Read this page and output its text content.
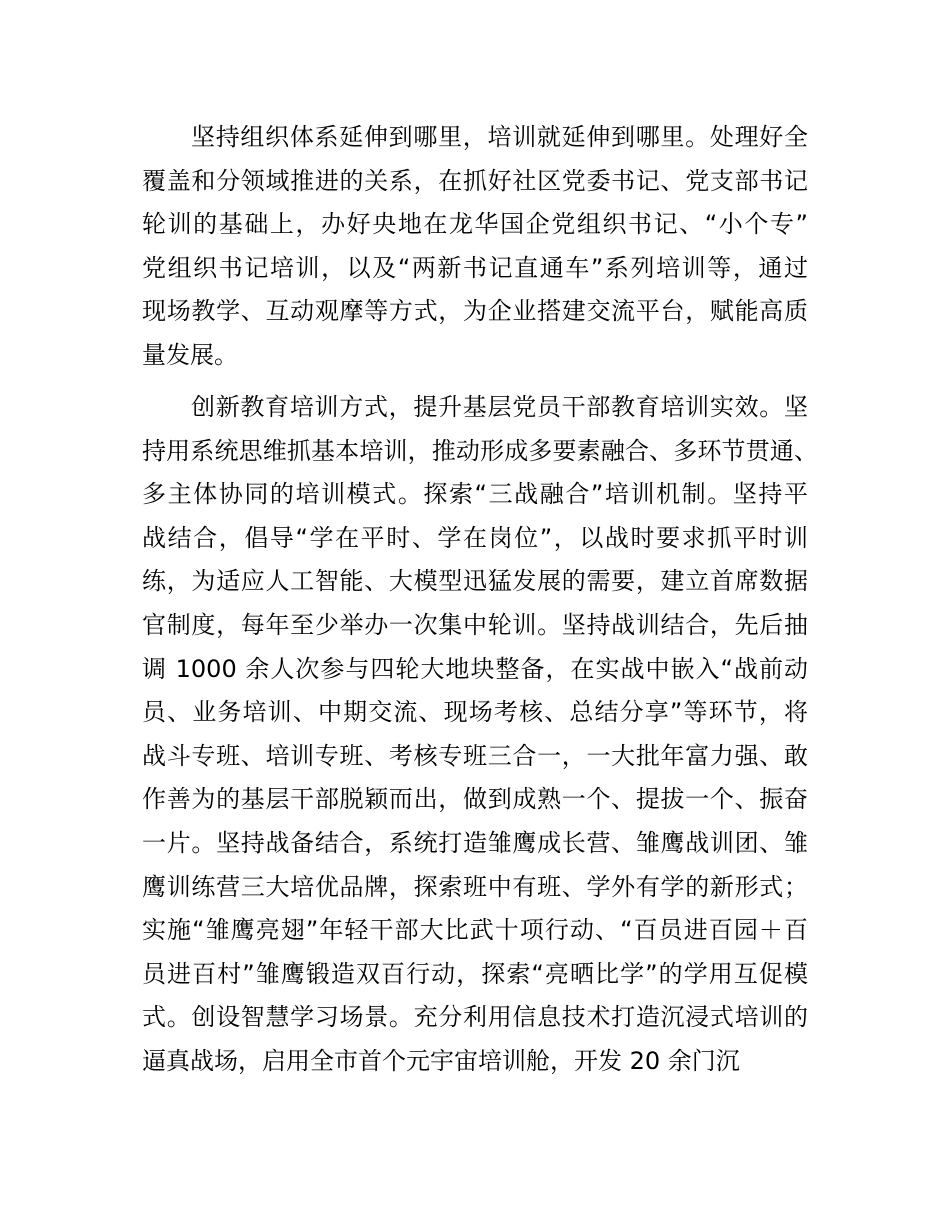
坚持组织体系延伸到哪里，培训就延伸到哪里。处理好全
覆盖和分领域推进的关系，在抓好社区党委书记、党支部书记
轮训的基础上，办好央地在龙华国企党组织书记、“小个专”
党组织书记培训，以及“两新书记直通车”系列培训等，通过
现场教学、互动观摩等方式，为企业搭建交流平台，赋能高质
量发展。
创新教育培训方式，提升基层党员干部教育培训实效。坚
持用系统思维抓基本培训，推动形成多要素融合、多环节贯通、
多主体协同的培训模式。探索“三战融合”培训机制。坚持平
战结合，倡导“学在平时、学在岗位”，以战时要求抓平时训
练，为适应人工智能、大模型迅猛发展的需要，建立首席数据
官制度，每年至少举办一次集中轮训。坚持战训结合，先后抽
调 1000 余人次参与四轮大地块整备，在实战中嵌入“战前动
员、业务培训、中期交流、现场考核、总结分享”等环节，将
战斗专班、培训专班、考核专班三合一，一大批年富力强、敢
作善为的基层干部脱颖而出，做到成熟一个、提拔一个、振奋
一片。坚持战备结合，系统打造雏鹰成长营、雏鹰战训团、雏
鹰训练营三大培优品牌，探索班中有班、学外有学的新形式；
实施“雏鹰亮翅”年轻干部大比武十项行动、“百员进百园＋百
员进百村”雏鹰锻造双百行动，探索“亮晒比学”的学用互促模
式。创设智慧学习场景。充分利用信息技术打造沉浸式培训的
逼真战场，启用全市首个元宇宙培训舱，开发 20 余门沉
